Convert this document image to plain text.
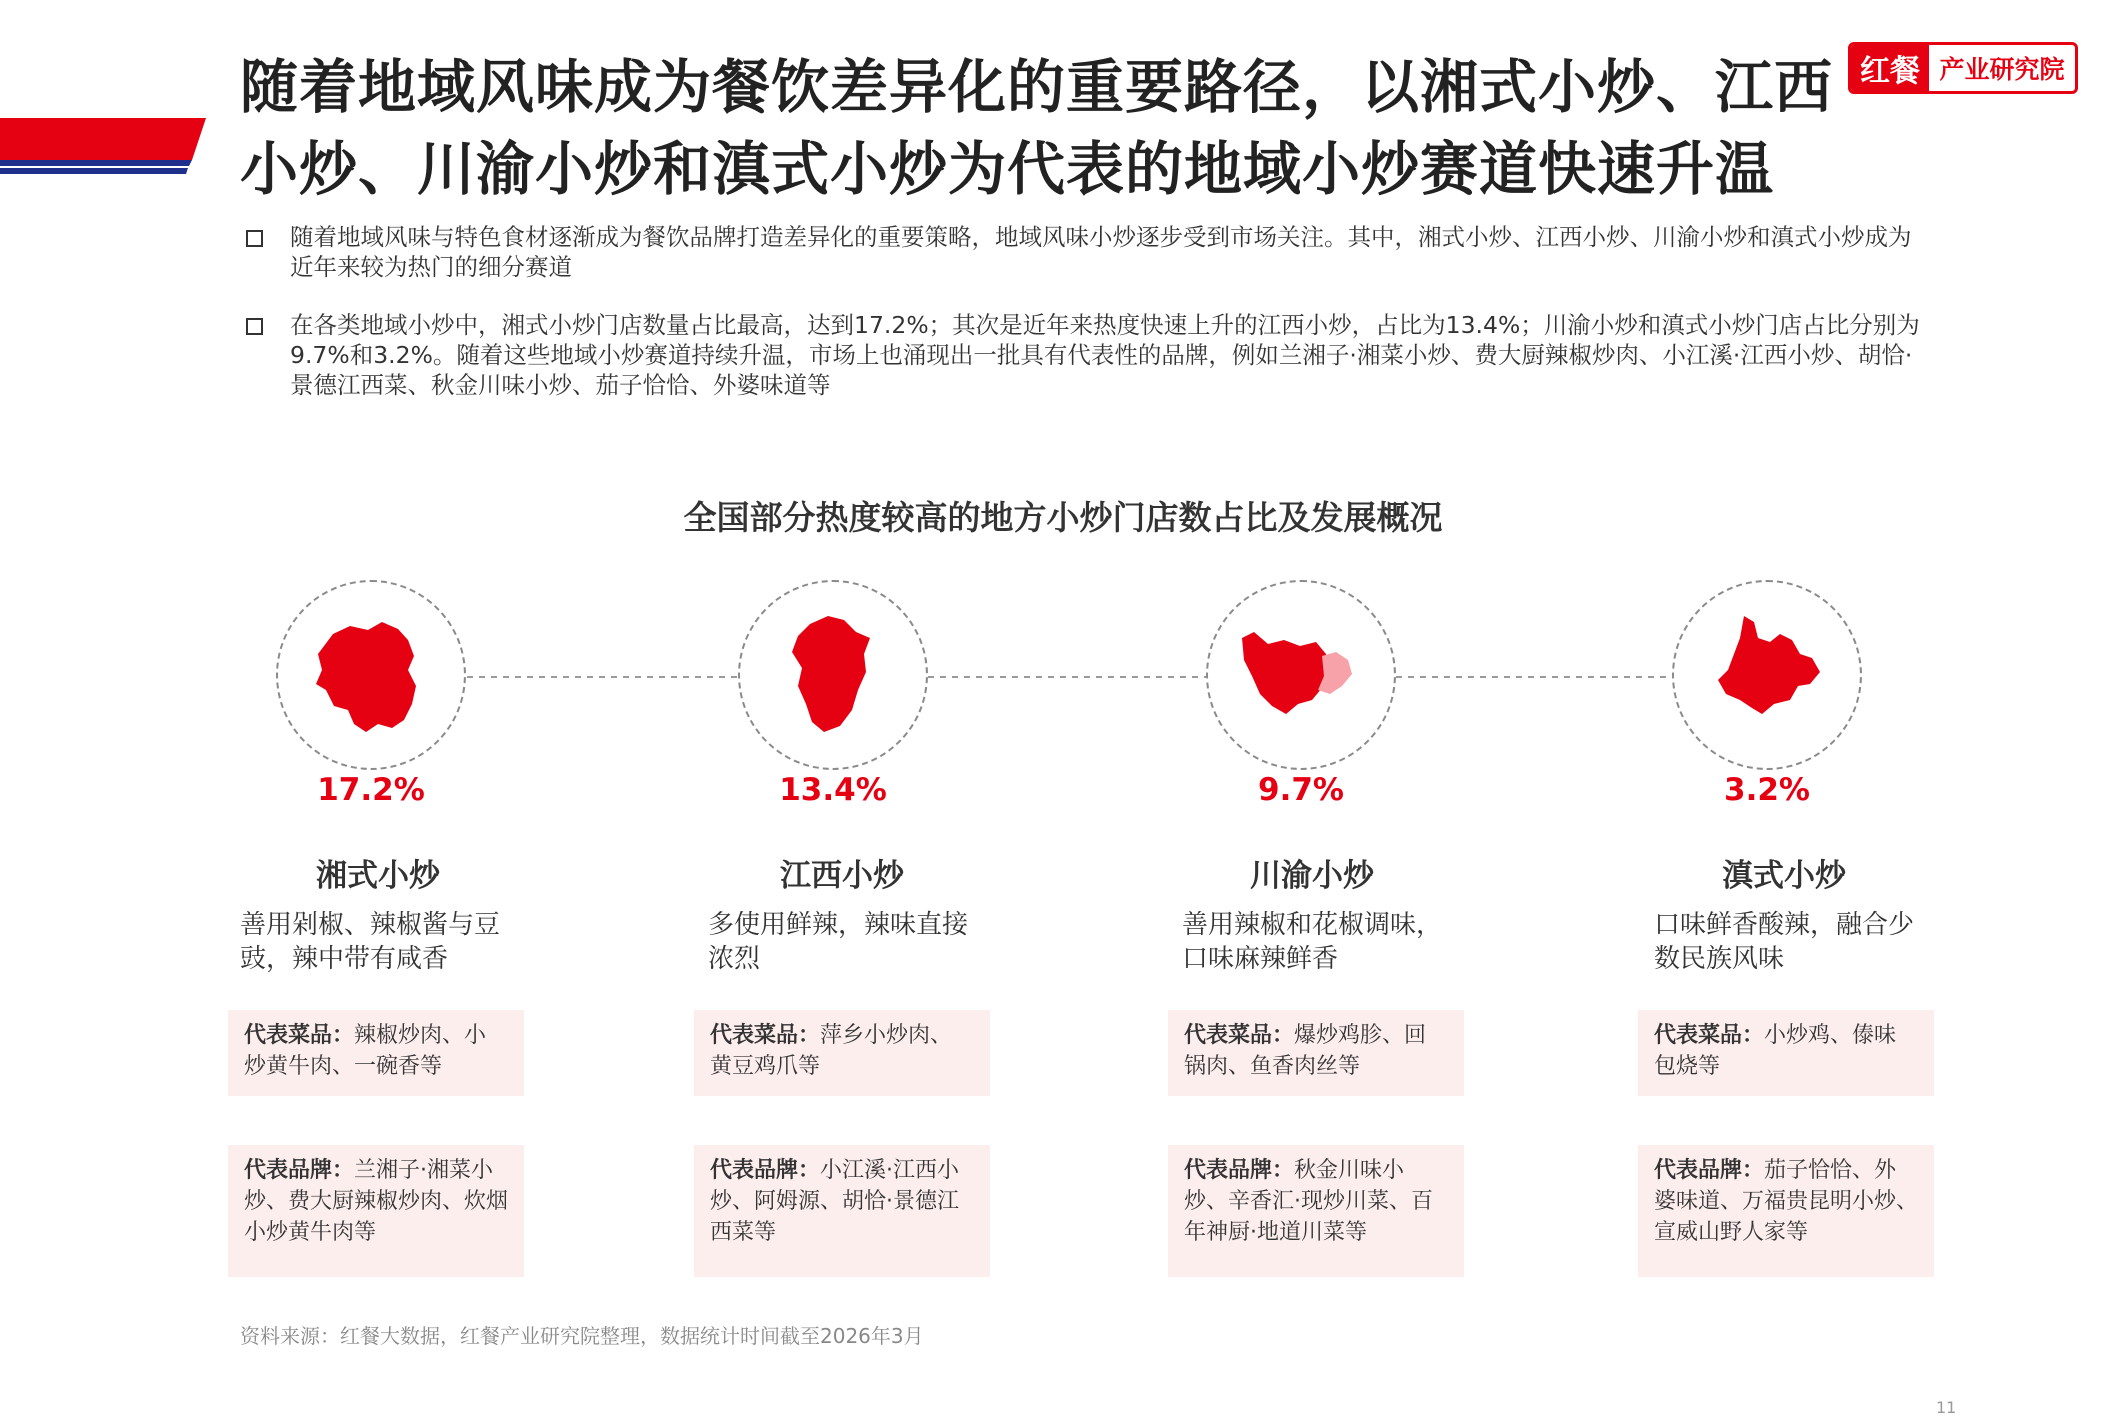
随着地域风味成为餐饮差异化的重要路径，以湘式小炒、江西小炒、川渝小炒和滇式小炒为代表的地域小炒赛道快速升温
红餐 产业研究院
随着地域风味与特色食材逐渐成为餐饮品牌打造差异化的重要策略，地域风味小炒逐步受到市场关注。其中，湘式小炒、江西小炒、川渝小炒和滇式小炒成为近年来较为热门的细分赛道
在各类地域小炒中，湘式小炒门店数量占比最高，达到17.2%；其次是近年来热度快速上升的江西小炒，占比为13.4%；川渝小炒和滇式小炒门店占比分别为9.7%和3.2%。随着这些地域小炒赛道持续升温，市场上也涌现出一批具有代表性的品牌，例如兰湘子·湘菜小炒、费大厨辣椒炒肉、小江溪·江西小炒、胡恰·景德江西菜、秋金川味小炒、茄子恰恰、外婆味道等
全国部分热度较高的地方小炒门店数占比及发展概况
17.2%
湘式小炒
善用剁椒、辣椒酱与豆豉，辣中带有咸香
代表菜品：辣椒炒肉、小炒黄牛肉、一碗香等
代表品牌：兰湘子·湘菜小炒、费大厨辣椒炒肉、炊烟小炒黄牛肉等
13.4%
江西小炒
多使用鲜辣，辣味直接浓烈
代表菜品：萍乡小炒肉、黄豆鸡爪等
代表品牌：小江溪·江西小炒、阿姆源、胡恰·景德江西菜等
9.7%
川渝小炒
善用辣椒和花椒调味，口味麻辣鲜香
代表菜品：爆炒鸡胗、回锅肉、鱼香肉丝等
代表品牌：秋金川味小炒、辛香汇·现炒川菜、百年神厨·地道川菜等
3.2%
滇式小炒
口味鲜香酸辣，融合少数民族风味
代表菜品：小炒鸡、傣味包烧等
代表品牌：茄子恰恰、外婆味道、万福贵昆明小炒、宣威山野人家等
资料来源：红餐大数据，红餐产业研究院整理，数据统计时间截至2026年3月
11
